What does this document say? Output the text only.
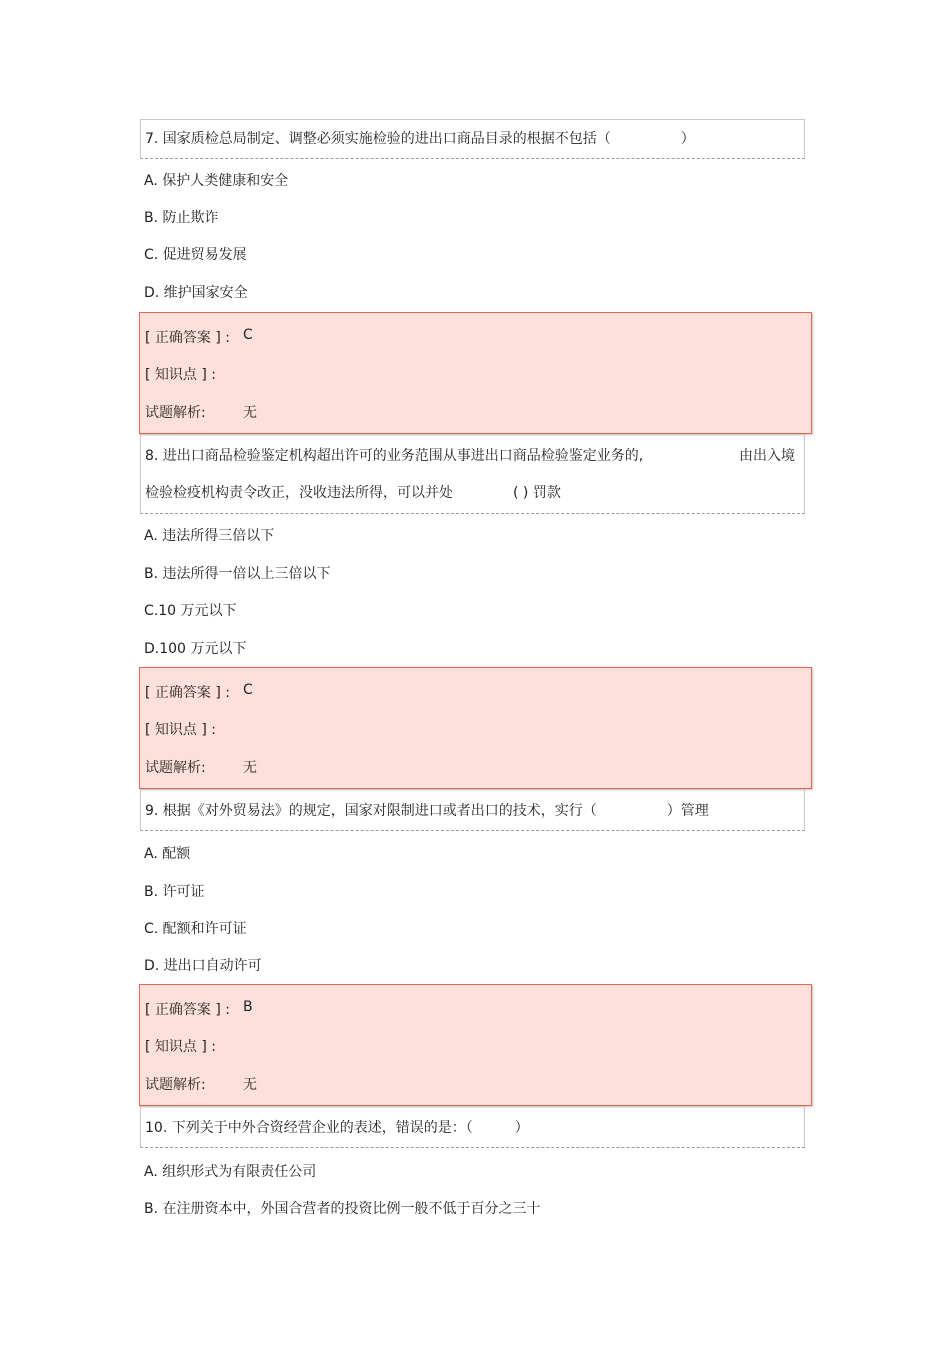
7. 国家质检总局制定、调整必须实施检验的进出口商品目录的根据不包括（　　　　　）
A. 保护人类健康和安全
B. 防止欺诈
C. 促进贸易发展
D. 维护国家安全
[ 正确答案 ] : C
[ 知识点 ] :
试题解析:	无
8. 进出口商品检验鉴定机构超出许可的业务范围从事进出口商品检验鉴定业务的,	由出入境
检验检疫机构责令改正，没收违法所得，可以并处	( ) 罚款
A. 违法所得三倍以下
B. 违法所得一倍以上三倍以下
C.10 万元以下
D.100 万元以下
[ 正确答案 ] : C
[ 知识点 ] :
试题解析:	无
9. 根据《对外贸易法》的规定，国家对限制进口或者出口的技术，实行（　　　　　）管理
A. 配额
B. 许可证
C. 配额和许可证
D. 进出口自动许可
[ 正确答案 ] : B
[ 知识点 ] :
试题解析:	无
10. 下列关于中外合资经营企业的表述，错误的是：（　　　）
A. 组织形式为有限责任公司
B. 在注册资本中，外国合营者的投资比例一般不低于百分之三十
